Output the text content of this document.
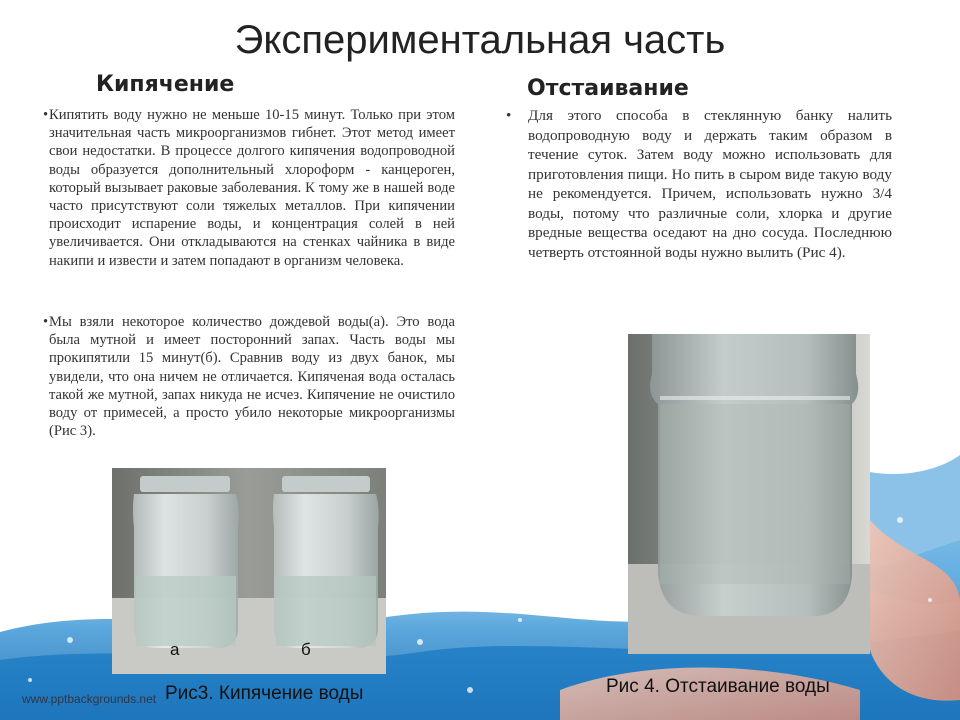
Экспериментальная часть
Кипячение	Отстаивание

• Кипятить воду нужно не меньше 10-15 минут. Только при этом значительная часть микроорганизмов гибнет. Этот метод имеет свои недостатки. В процессе долгого кипячения водопроводной воды образуется дополнительный хлороформ - канцероген, который вызывает раковые заболевания. К тому же в нашей воде часто присутствуют соли тяжелых металлов. При кипячении происходит испарение воды, и концентрация солей в ней увеличивается. Они откладываются на стенках чайника в виде накипи и извести и затем попадают в организм человека.

• Мы взяли некоторое количество дождевой воды(а). Это вода была мутной и имеет посторонний запах. Часть воды мы прокипятили 15 минут(б). Сравнив воду из двух банок, мы увидели, что она ничем не отличается. Кипяченая вода осталась такой же мутной, запах никуда не исчез. Кипячение не очистило воду от примесей, а просто убило некоторые микроорганизмы (Рис 3).

• Для этого способа в стеклянную банку налить водопроводную воду и держать таким образом в течение суток. Затем воду можно использовать для приготовления пищи. Но пить в сыром виде такую воду не рекомендуется. Причем, использовать нужно 3/4 воды, потому что различные соли, хлорка и другие вредные вещества оседают на дно сосуда. Последнюю четверть отстоянной воды нужно вылить (Рис 4).

а	б
Рис3. Кипячение воды	Рис 4. Отстаивание воды
www.pptbackgrounds.net
